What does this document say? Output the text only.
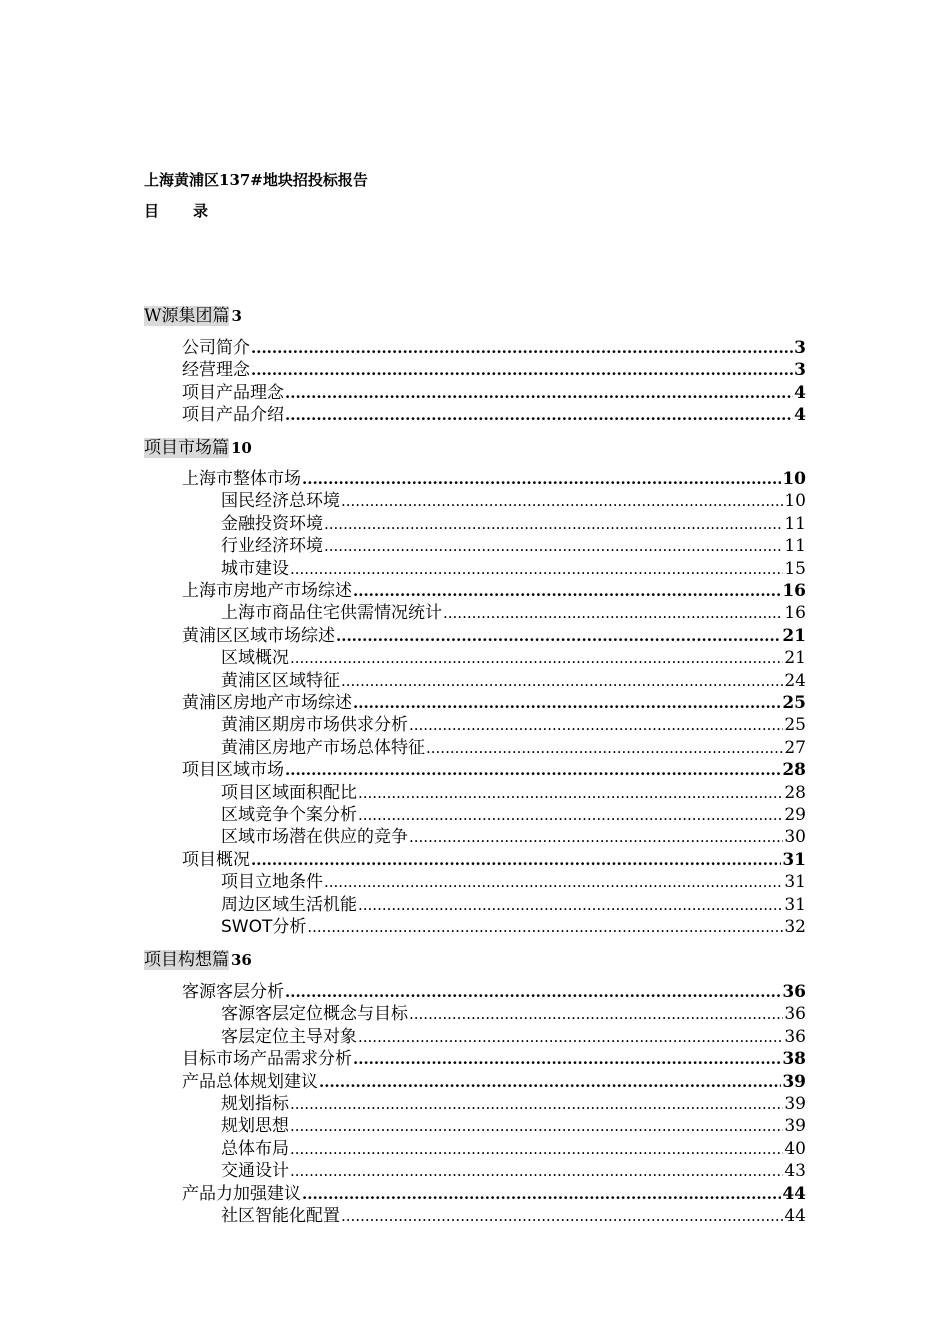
上海黄浦区137#地块招投标报告
目 录
W源集团篇 3
公司简介 .....	3
经营理念 .....	3
项目产品理念 .....	4
项目产品介绍 .....	4
项目市场篇 10
上海市整体市场 .....	10
国民经济总环境 .....	10
金融投资环境 .....	11
行业经济环境 .....	11
城市建设 .....	15
上海市房地产市场综述 .....	16
上海市商品住宅供需情况统计 .....	16
黄浦区区域市场综述 .....	21
区域概况 .....	21
黄浦区区域特征 .....	24
黄浦区房地产市场综述 .....	25
黄浦区期房市场供求分析 .....	25
黄浦区房地产市场总体特征 .....	27
项目区域市场 .....	28
项目区域面积配比 .....	28
区域竞争个案分析 .....	29
区域市场潜在供应的竞争 .....	30
项目概况 .....	31
项目立地条件 .....	31
周边区域生活机能 .....	31
SWOT分析 .....	32
项目构想篇 36
客源客层分析 .....	36
客源客层定位概念与目标 .....	36
客层定位主导对象 .....	36
目标市场产品需求分析 .....	38
产品总体规划建议 .....	39
规划指标 .....	39
规划思想 .....	39
总体布局 .....	40
交通设计 .....	43
产品力加强建议 .....	44
社区智能化配置 .....	44
